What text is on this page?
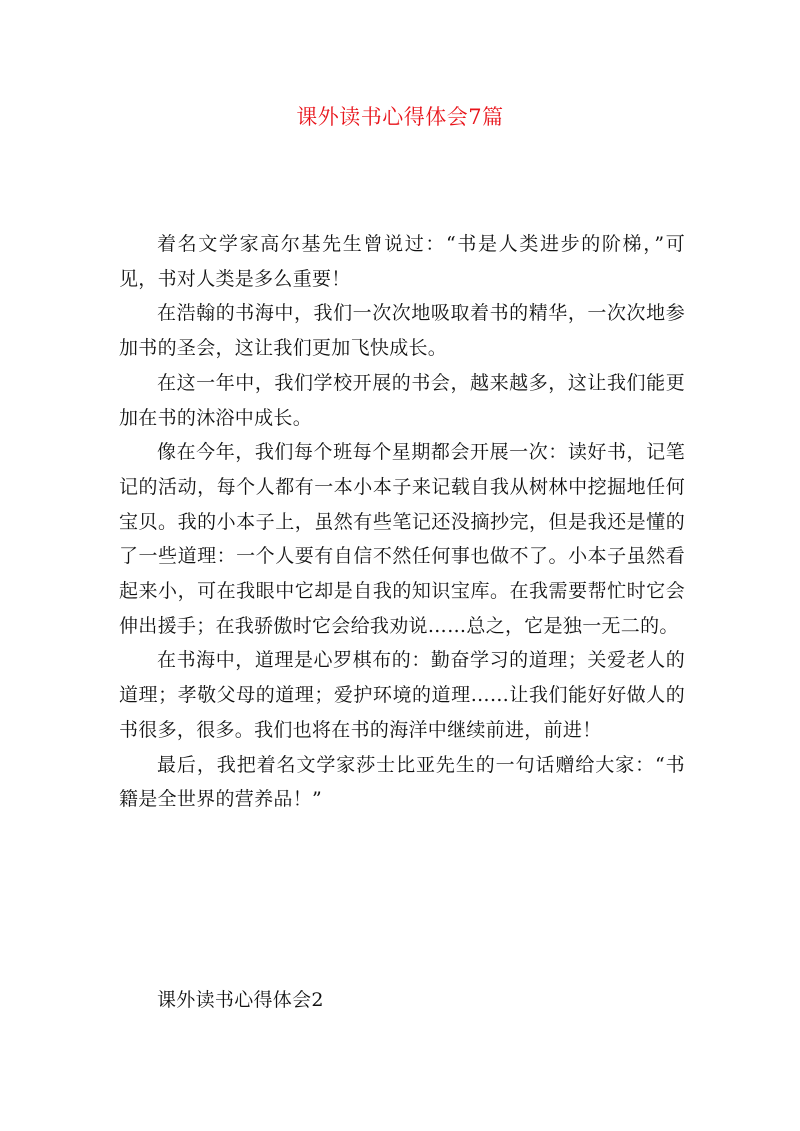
课外读书心得体会7篇

着名文学家高尔基先生曾说过：“书是人类进步的阶梯，”可见，书对人类是多么重要！

在浩翰的书海中，我们一次次地吸取着书的精华，一次次地参加书的圣会，这让我们更加飞快成长。

在这一年中，我们学校开展的书会，越来越多，这让我们能更加在书的沐浴中成长。

像在今年，我们每个班每个星期都会开展一次：读好书，记笔记的活动，每个人都有一本小本子来记载自我从树林中挖掘地任何宝贝。我的小本子上，虽然有些笔记还没摘抄完，但是我还是懂的了一些道理：一个人要有自信不然任何事也做不了。小本子虽然看起来小，可在我眼中它却是自我的知识宝库。在我需要帮忙时它会伸出援手；在我骄傲时它会给我劝说……总之，它是独一无二的。

在书海中，道理是心罗棋布的：勤奋学习的道理；关爱老人的道理；孝敬父母的道理；爱护环境的道理……让我们能好好做人的书很多，很多。我们也将在书的海洋中继续前进，前进！

最后，我把着名文学家莎士比亚先生的一句话赠给大家：“书籍是全世界的营养品！”

课外读书心得体会2
